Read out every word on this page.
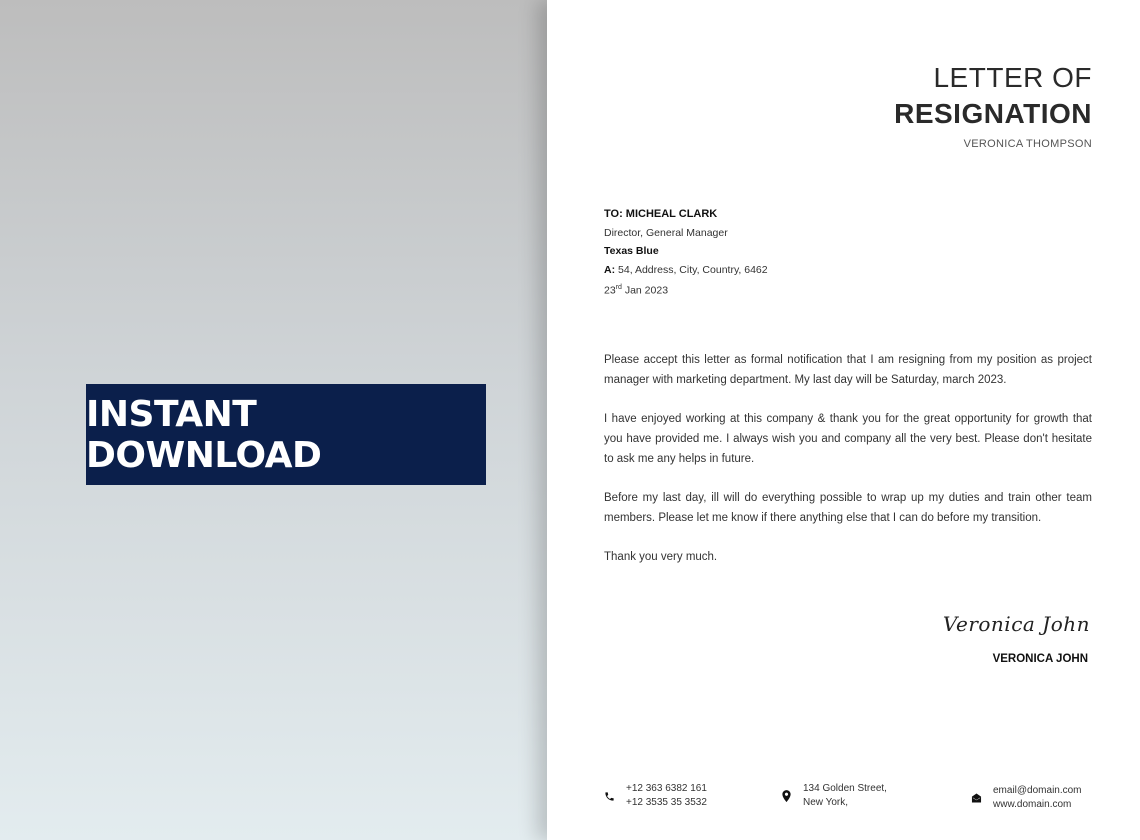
INSTANT DOWNLOAD
LETTER OF
RESIGNATION
VERONICA THOMPSON
TO: MICHEAL CLARK
Director, General Manager
Texas Blue
A: 54, Address, City, Country, 6462
23rd Jan 2023

Please accept this letter as formal notification that I am resigning from my position as project manager with marketing department. My last day will be Saturday, march 2023.

I have enjoyed working at this company & thank you for the great opportunity for growth that you have provided me. I always wish you and company all the very best. Please don't hesitate to ask me any helps in future.

Before my last day, ill will do everything possible to wrap up my duties and train other team members. Please let me know if there anything else that I can do before my transition.

Thank you very much.

Veronica John
VERONICA JOHN
+12 363 6382 161
+12 3535 35 3532
134 Golden Street,
New York,
email@domain.com
www.domain.com
